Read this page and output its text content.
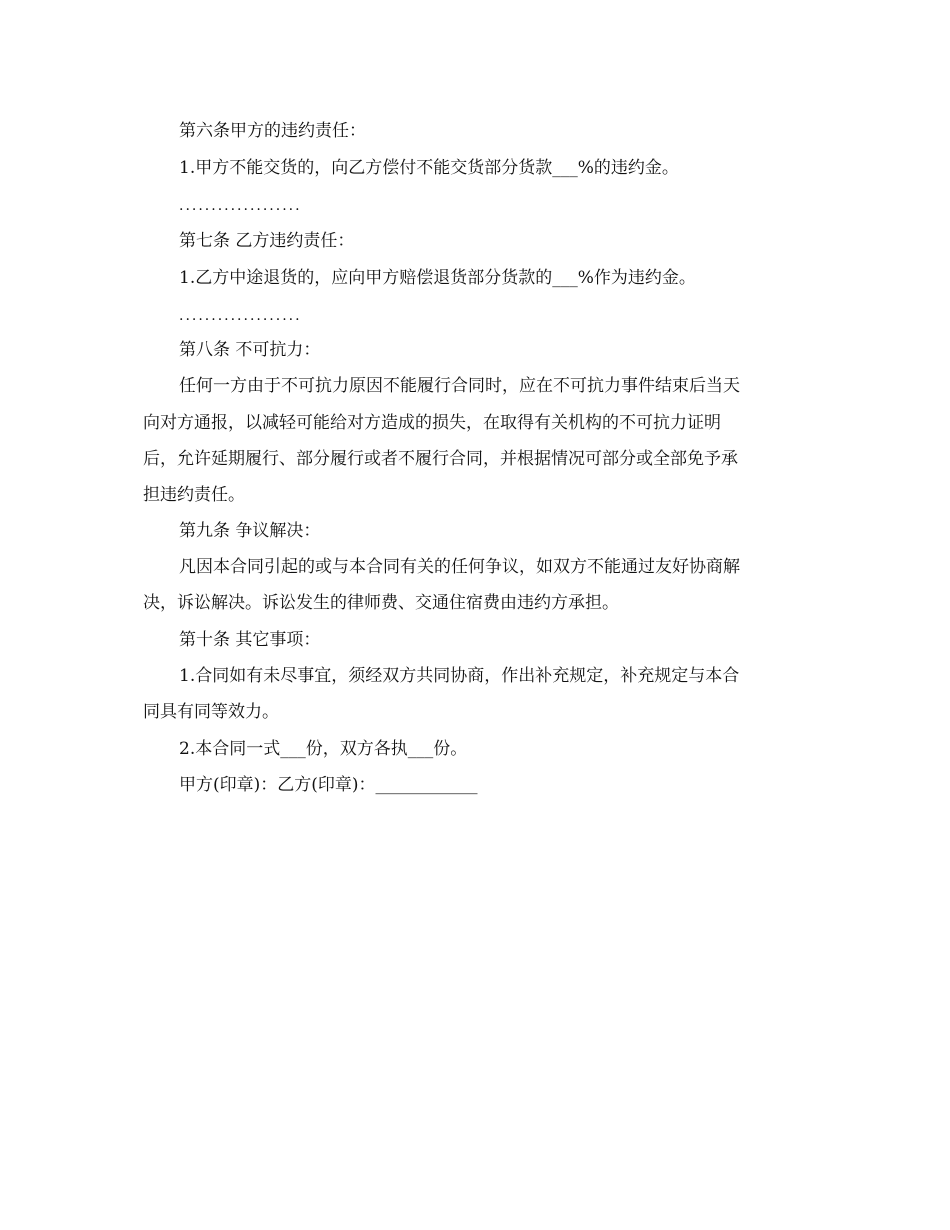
第六条甲方的违约责任：
1.甲方不能交货的，向乙方偿付不能交货部分货款___%的违约金。
...................
第七条 乙方违约责任：
1.乙方中途退货的，应向甲方赔偿退货部分货款的___%作为违约金。
...................
第八条 不可抗力：
任何一方由于不可抗力原因不能履行合同时，应在不可抗力事件结束后当天
向对方通报，以减轻可能给对方造成的损失，在取得有关机构的不可抗力证明
后，允许延期履行、部分履行或者不履行合同，并根据情况可部分或全部免予承
担违约责任。
第九条 争议解决：
凡因本合同引起的或与本合同有关的任何争议，如双方不能通过友好协商解
决，诉讼解决。诉讼发生的律师费、交通住宿费由违约方承担。
第十条 其它事项：
1.合同如有未尽事宜，须经双方共同协商，作出补充规定，补充规定与本合
同具有同等效力。
2.本合同一式___份，双方各执___份。
甲方(印章)：乙方(印章)：____________
